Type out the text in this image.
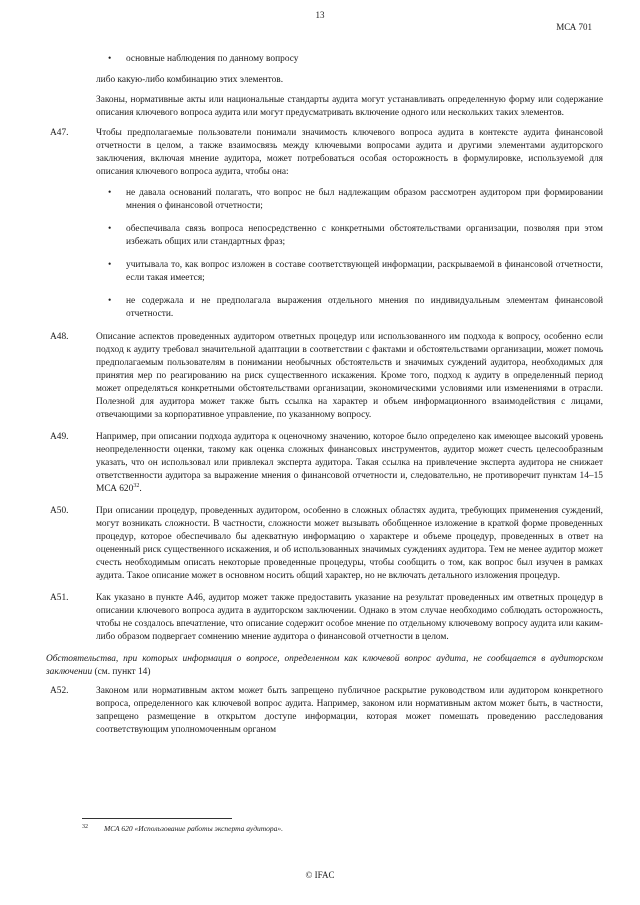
13
МСА 701
• основные наблюдения по данному вопросу

либо какую-либо комбинацию этих элементов.

Законы, нормативные акты или национальные стандарты аудита могут устанавливать определенную форму или содержание описания ключевого вопроса аудита или могут предусматривать включение одного или нескольких таких элементов.

A47.	Чтобы предполагаемые пользователи понимали значимость ключевого вопроса аудита в контексте аудита финансовой отчетности в целом, а также взаимосвязь между ключевыми вопросами аудита и другими элементами аудиторского заключения, включая мнение аудитора, может потребоваться особая осторожность в формулировке, используемой для описания ключевого вопроса аудита, чтобы она:
• не давала оснований полагать, что вопрос не был надлежащим образом рассмотрен аудитором при формировании мнения о финансовой отчетности;
• обеспечивала связь вопроса непосредственно с конкретными обстоятельствами организации, позволяя при этом избежать общих или стандартных фраз;
• учитывала то, как вопрос изложен в составе соответствующей информации, раскрываемой в финансовой отчетности, если такая имеется;
• не содержала и не предполагала выражения отдельного мнения по индивидуальным элементам финансовой отчетности.
A48.	Описание аспектов проведенных аудитором ответных процедур или использованного им подхода к вопросу, особенно если подход к аудиту требовал значительной адаптации в соответствии с фактами и обстоятельствами организации, может помочь предполагаемым пользователям в понимании необычных обстоятельств и значимых суждений аудитора, необходимых для принятия мер по реагированию на риск существенного искажения. Кроме того, подход к аудиту в определенный период может определяться конкретными обстоятельствами организации, экономическими условиями или изменениями в отрасли. Полезной для аудитора может также быть ссылка на характер и объем информационного взаимодействия с лицами, отвечающими за корпоративное управление, по указанному вопросу.
A49.	Например, при описании подхода аудитора к оценочному значению, которое было определено как имеющее высокий уровень неопределенности оценки, такому как оценка сложных финансовых инструментов, аудитор может счесть целесообразным указать, что он использовал или привлекал эксперта аудитора. Такая ссылка на привлечение эксперта аудитора не снижает ответственности аудитора за выражение мнения о финансовой отчетности и, следовательно, не противоречит пунктам 14–15 МСА $620^{32}$.
A50.	При описании процедур, проведенных аудитором, особенно в сложных областях аудита, требующих применения суждений, могут возникать сложности. В частности, сложности может вызывать обобщенное изложение в краткой форме проведенных процедур, которое обеспечивало бы адекватную информацию о характере и объеме процедур, проведенных в ответ на оцененный риск существенного искажения, и об использованных значимых суждениях аудитора. Тем не менее аудитор может счесть необходимым описать некоторые проведенные процедуры, чтобы сообщить о том, как вопрос был изучен в рамках аудита. Такое описание может в основном носить общий характер, но не включать детального изложения процедур.
A51.	Как указано в пункте A46, аудитор может также предоставить указание на результат проведенных им ответных процедур в описании ключевого вопроса аудита в аудиторском заключении. Однако в этом случае необходимо соблюдать осторожность, чтобы не создалось впечатление, что описание содержит особое мнение по отдельному ключевому вопросу аудита или каким-либо образом подвергает сомнению мнение аудитора о финансовой отчетности в целом.
Обстоятельства, при которых информация о вопросе, определенном как ключевой вопрос аудита, не сообщается в аудиторском заключении (см. пункт 14)
A52.	Законом или нормативным актом может быть запрещено публичное раскрытие руководством или аудитором конкретного вопроса, определенного как ключевой вопрос аудита. Например, законом или нормативным актом может быть, в частности, запрещено размещение в открытом доступе информации, которая может помешать проведению расследования соответствующим уполномоченным органом
32 МСА 620 «Использование работы эксперта аудитора».
© IFAC
